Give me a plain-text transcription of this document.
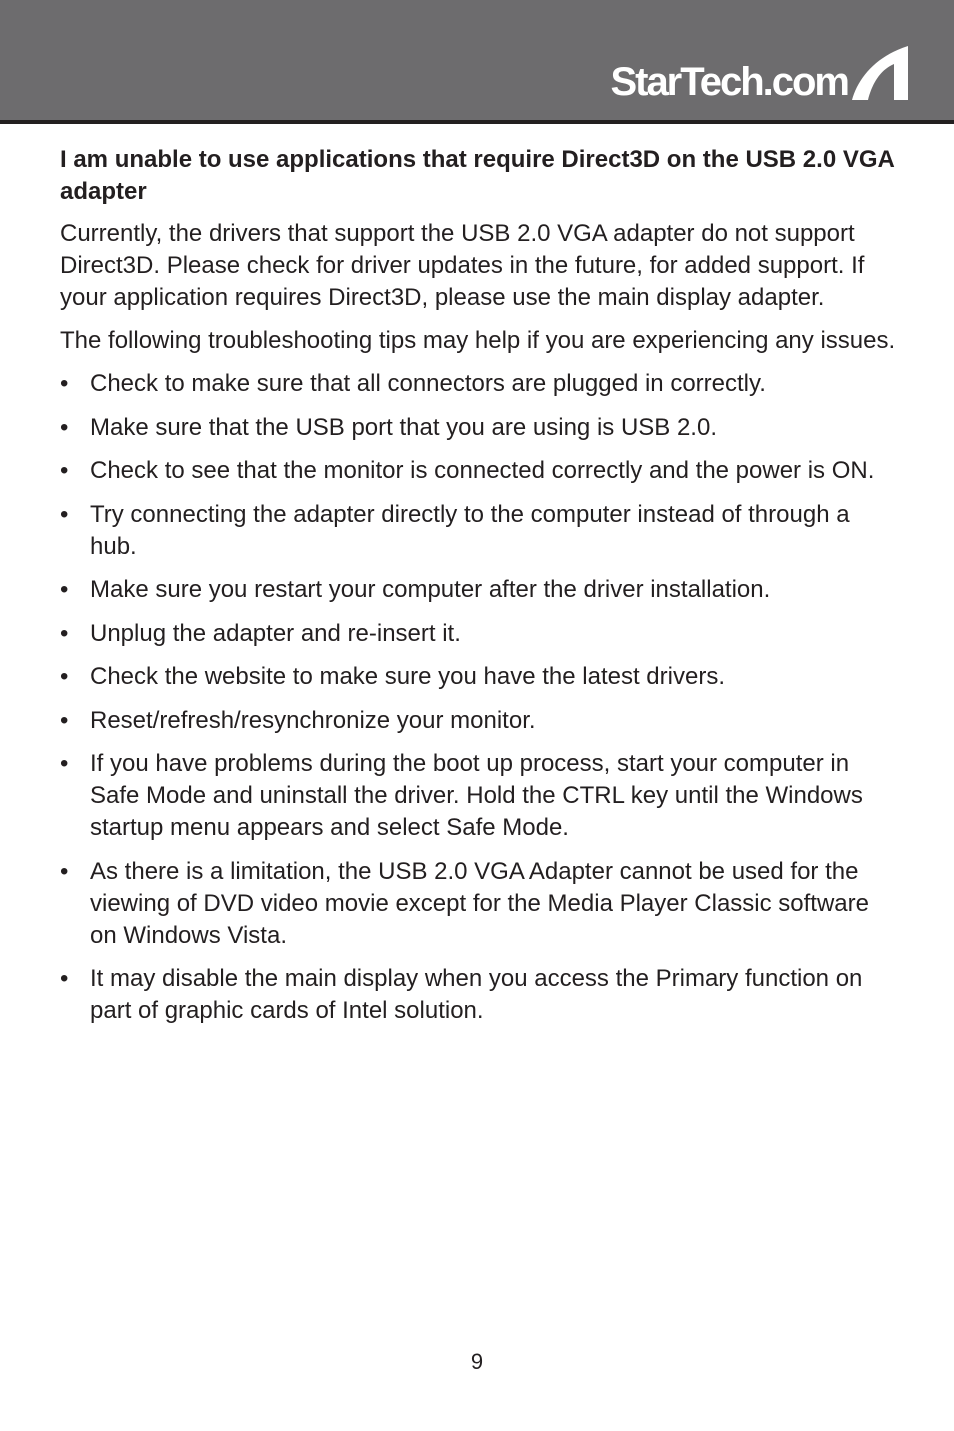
StarTech.com
I am unable to use applications that require Direct3D on the USB 2.0 VGA adapter

Currently, the drivers that support the USB 2.0 VGA adapter do not support Direct3D. Please check for driver updates in the future, for added support. If your application requires Direct3D, please use the main display adapter.

The following troubleshooting tips may help if you are experiencing any issues.

• Check to make sure that all connectors are plugged in correctly.
• Make sure that the USB port that you are using is USB 2.0.
• Check to see that the monitor is connected correctly and the power is ON.
• Try connecting the adapter directly to the computer instead of through a hub.
• Make sure you restart your computer after the driver installation.
• Unplug the adapter and re-insert it.
• Check the website to make sure you have the latest drivers.
• Reset/refresh/resynchronize your monitor.
• If you have problems during the boot up process, start your computer in Safe Mode and uninstall the driver. Hold the CTRL key until the Windows startup menu appears and select Safe Mode.
• As there is a limitation, the USB 2.0 VGA Adapter cannot be used for the viewing of DVD video movie except for the Media Player Classic software on Windows Vista.
• It may disable the main display when you access the Primary function on part of graphic cards of Intel solution.
9
